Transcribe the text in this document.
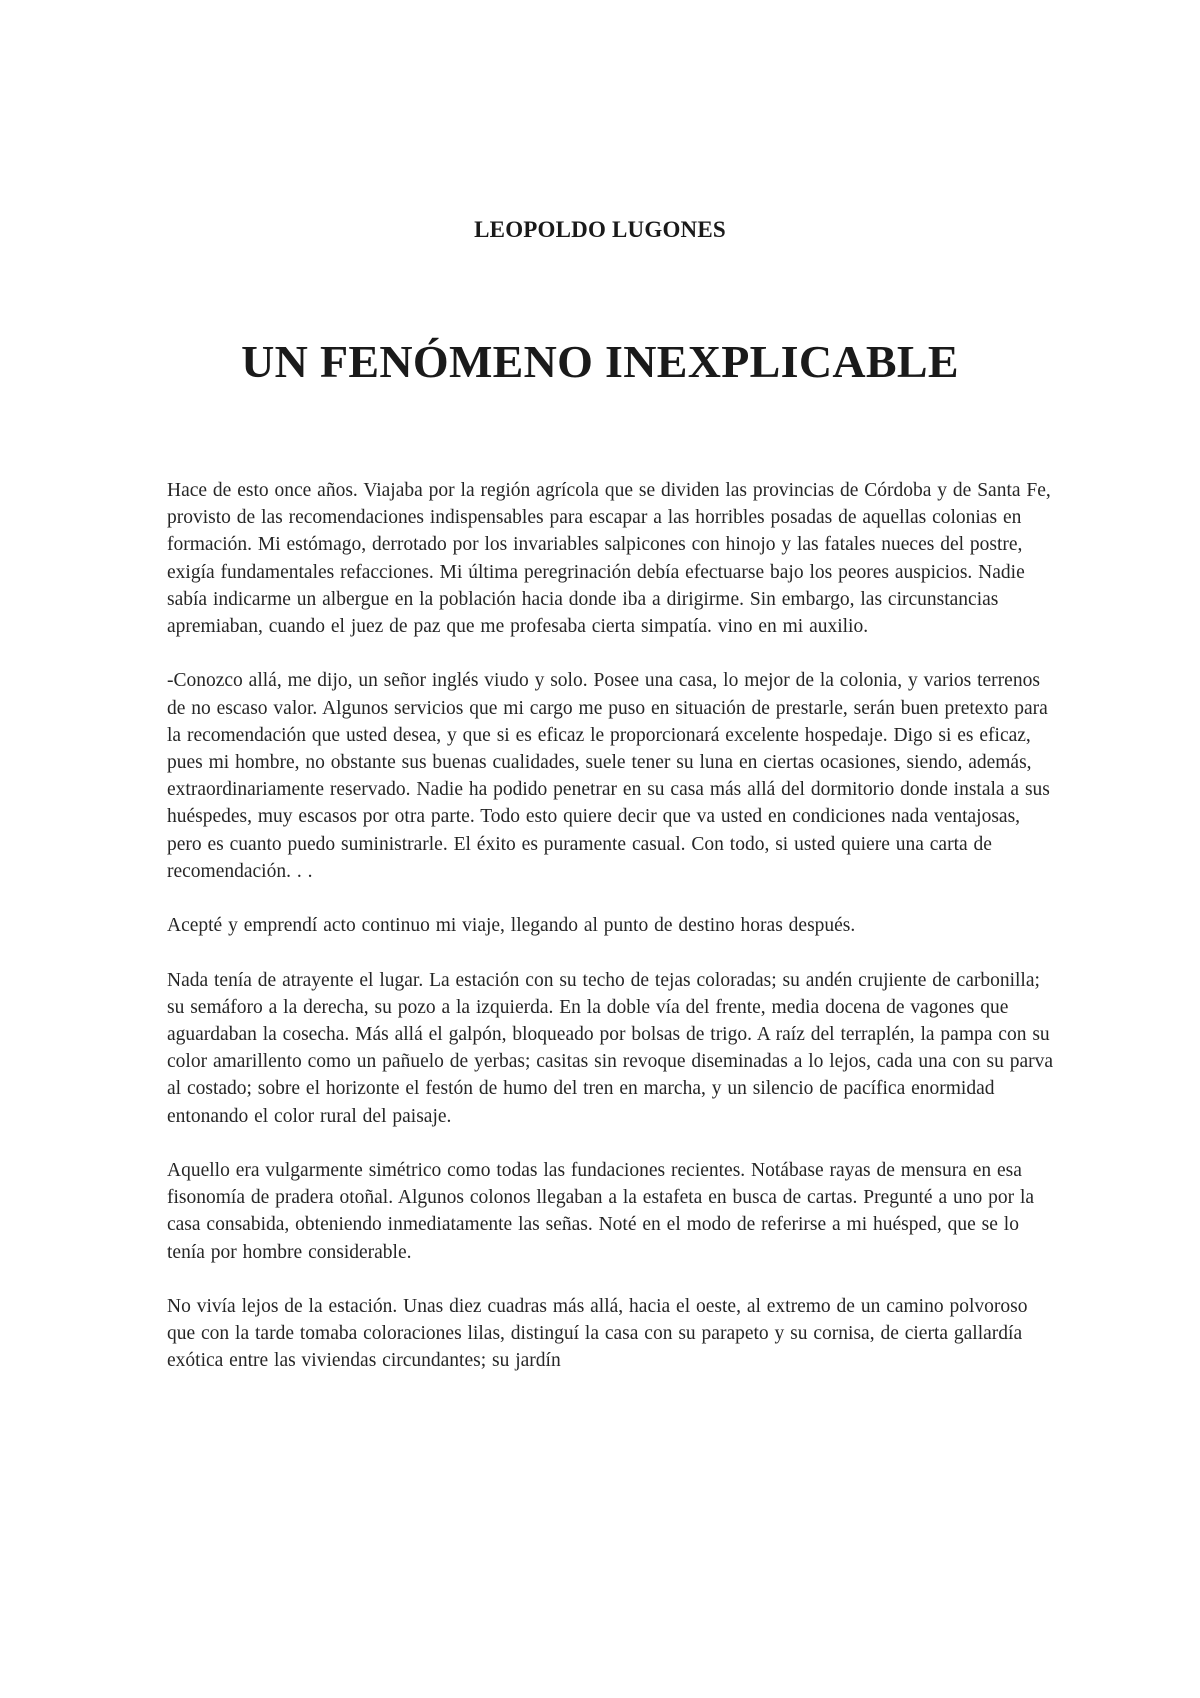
LEOPOLDO LUGONES
UN FENÓMENO INEXPLICABLE

Hace de esto once años. Viajaba por la región agrícola que se dividen las provincias de Córdoba y de Santa Fe, provisto de las recomendaciones indispensables para escapar a las horribles posadas de aquellas colonias en formación. Mi estómago, derrotado por los invariables salpicones con hinojo y las fatales nueces del postre, exigía fundamentales refacciones. Mi última peregrinación debía efectuarse bajo los peores auspicios. Nadie sabía indicarme un albergue en la población hacia donde iba a dirigirme. Sin embargo, las circunstancias apremiaban, cuando el juez de paz que me profesaba cierta simpatía. vino en mi auxilio.

-Conozco allá, me dijo, un señor inglés viudo y solo. Posee una casa, lo mejor de la colonia, y varios terrenos de no escaso valor. Algunos servicios que mi cargo me puso en situación de prestarle, serán buen pretexto para la recomendación que usted desea, y que si es eficaz le proporcionará excelente hospedaje. Digo si es eficaz, pues mi hombre, no obstante sus buenas cualidades, suele tener su luna en ciertas ocasiones, siendo, además, extraordinariamente reservado. Nadie ha podido penetrar en su casa más allá del dormitorio donde instala a sus huéspedes, muy escasos por otra parte. Todo esto quiere decir que va usted en condiciones nada ventajosas, pero es cuanto puedo suministrarle. El éxito es puramente casual. Con todo, si usted quiere una carta de recomendación. . .

Acepté y emprendí acto continuo mi viaje, llegando al punto de destino horas después.

Nada tenía de atrayente el lugar. La estación con su techo de tejas coloradas; su andén crujiente de carbonilla; su semáforo a la derecha, su pozo a la izquierda. En la doble vía del frente, media docena de vagones que aguardaban la cosecha. Más allá el galpón, bloqueado por bolsas de trigo. A raíz del terraplén, la pampa con su color amarillento como un pañuelo de yerbas; casitas sin revoque diseminadas a lo lejos, cada una con su parva al costado; sobre el horizonte el festón de humo del tren en marcha, y un silencio de pacífica enormidad entonando el color rural del paisaje.

Aquello era vulgarmente simétrico como todas las fundaciones recientes. Notábase rayas de mensura en esa fisonomía de pradera otoñal. Algunos colonos llegaban a la estafeta en busca de cartas. Pregunté a uno por la casa consabida, obteniendo inmediatamente las señas. Noté en el modo de referirse a mi huésped, que se lo tenía por hombre considerable.

No vivía lejos de la estación. Unas diez cuadras más allá, hacia el oeste, al extremo de un camino polvoroso que con la tarde tomaba coloraciones lilas, distinguí la casa con su parapeto y su cornisa, de cierta gallardía exótica entre las viviendas circundantes; su jardín
